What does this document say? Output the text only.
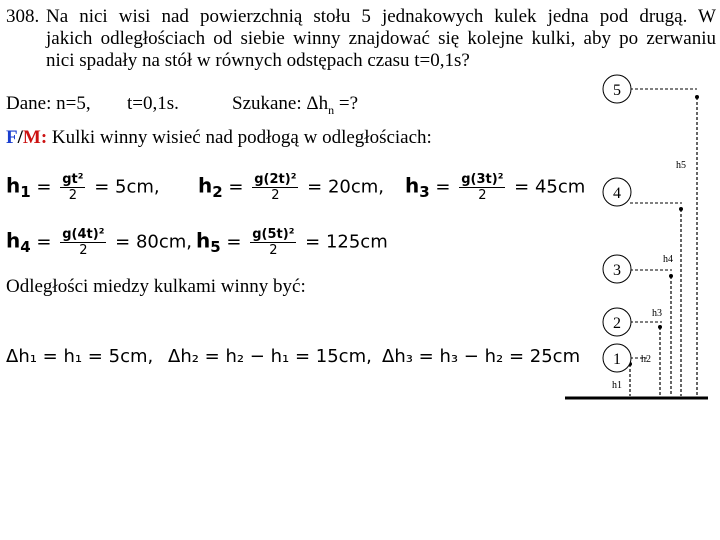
308. Na nici wisi nad powierzchnią stołu 5 jednakowych kulek jedna pod drugą. W
jakich odległościach od siebie winny znajdować się kolejne kulki, aby po zerwaniu
nici spadały na stół w równych odstępach czasu t=0,1s?
Dane: n=5, t=0,1s.	Szukane: $\Delta h_n$ =?
F/M: Kulki winny wisieć nad podłogą w odległościach:
$h_1 = \frac{\text{gt²}}{2} = 5cm$, $h_2 = \frac{\text{g(2t)²}}{2} = 20cm$, $h_3 = \frac{\text{g(3t)²}}{2} = 45cm$
$h_4 = \frac{\text{g(4t)²}}{2} = 80cm$, $h_5 = \frac{\text{g(5t)²}}{2} = 125cm$
Odległości miedzy kulkami winny być:
Δh₁ = h₁ = 5cm, Δh₂ = h₂ − h₁ = 15cm, Δh₃ = h₃ − h₂ = 25cm
5
4
3
2
1
h5
h4
h3
h2
h1
